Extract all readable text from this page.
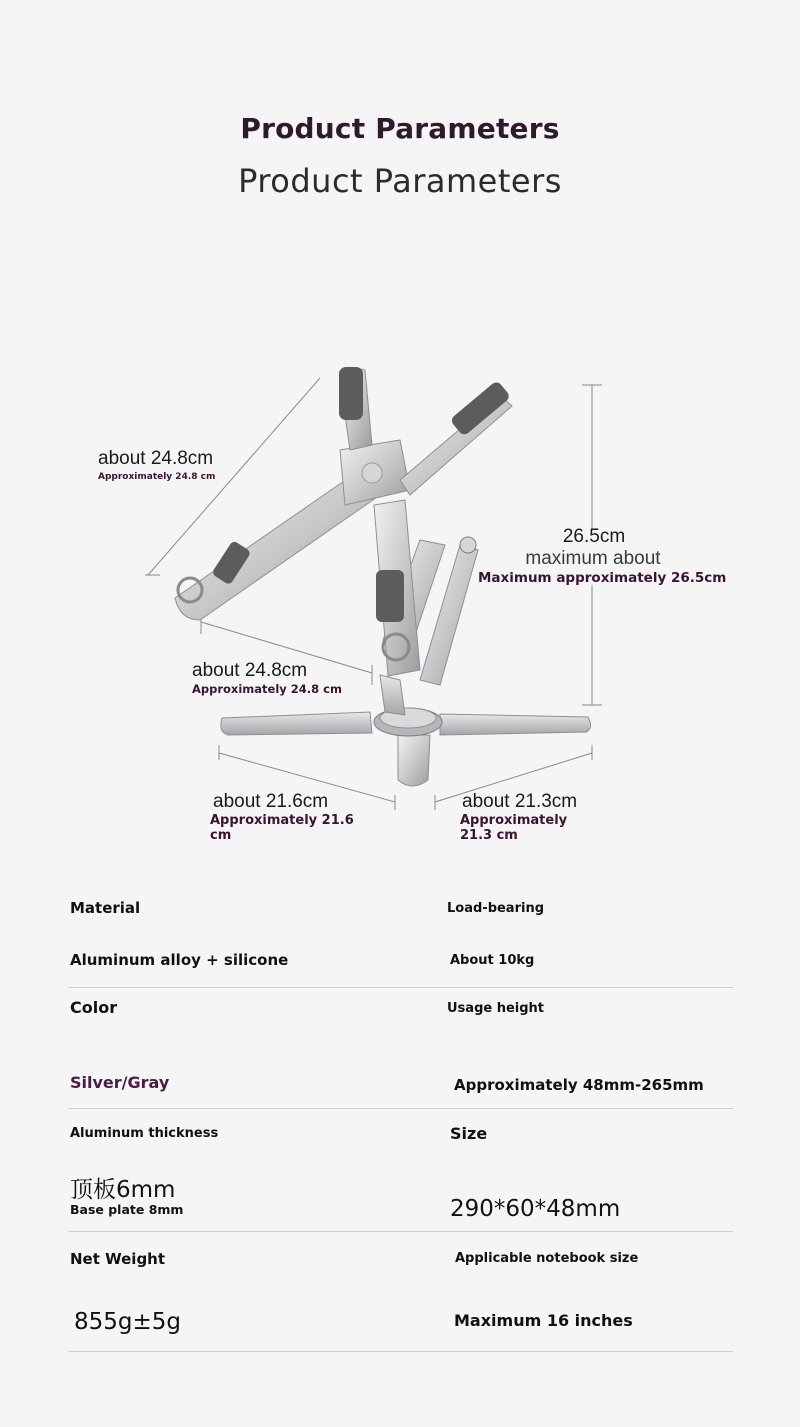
Product Parameters
Product Parameters
about 24.8cm
Approximately 24.8 cm
26.5cm
maximum about
Maximum approximately 26.5cm
about 24.8cm
Approximately 24.8 cm
about 21.6cm
Approximately 21.6
cm
about 21.3cm
Approximately
21.3 cm
Material	Load-bearing
Aluminum alloy + silicone	About 10kg
Color	Usage height
Silver/Gray	Approximately 48mm-265mm
Aluminum thickness	Size
顶板6mm
Base plate 8mm	290*60*48mm
Net Weight	Applicable notebook size
855g±5g	Maximum 16 inches
